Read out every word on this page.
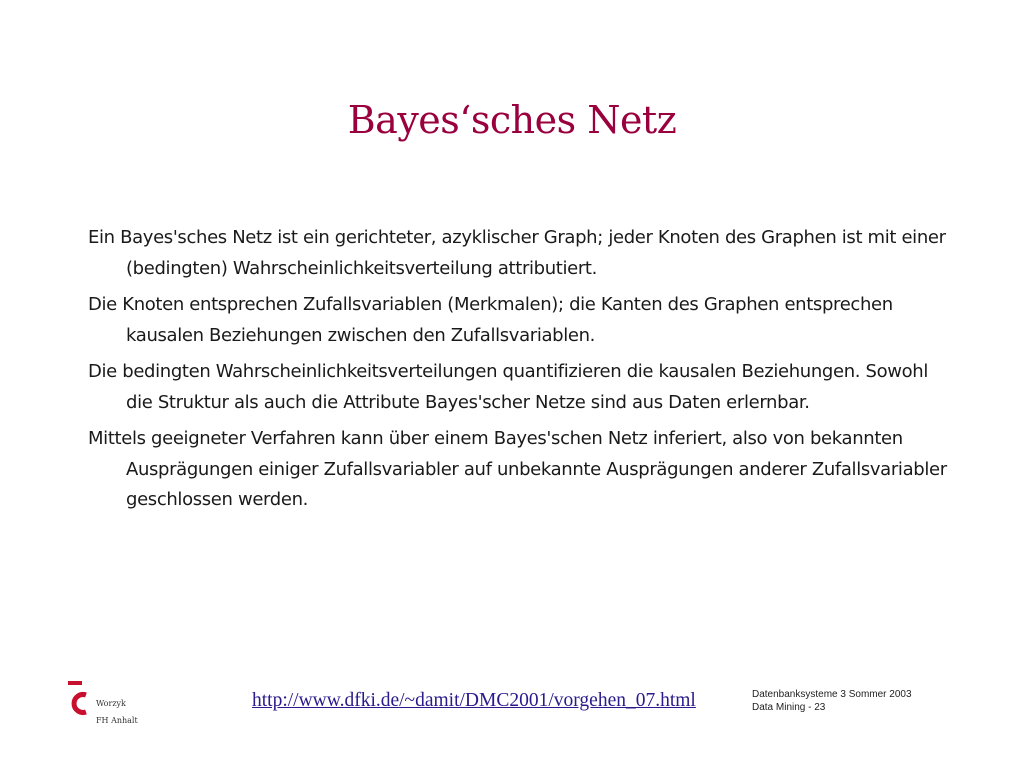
Bayes‘sches Netz
Ein Bayes'sches Netz ist ein gerichteter, azyklischer Graph; jeder Knoten des Graphen ist mit einer (bedingten) Wahrscheinlichkeitsverteilung attributiert.
Die Knoten entsprechen Zufallsvariablen (Merkmalen); die Kanten des Graphen entsprechen kausalen Beziehungen zwischen den Zufallsvariablen.
Die bedingten Wahrscheinlichkeitsverteilungen quantifizieren die kausalen Beziehungen. Sowohl die Struktur als auch die Attribute Bayes'scher Netze sind aus Daten erlernbar.
Mittels geeigneter Verfahren kann über einem Bayes'schen Netz inferiert, also von bekannten Ausprägungen einiger Zufallsvariabler auf unbekannte Ausprägungen anderer Zufallsvariabler geschlossen werden.
Worzyk
FH Anhalt
http://www.dfki.de/~damit/DMC2001/vorgehen_07.html	Datenbanksysteme 3 Sommer 2003
Data Mining - 23
